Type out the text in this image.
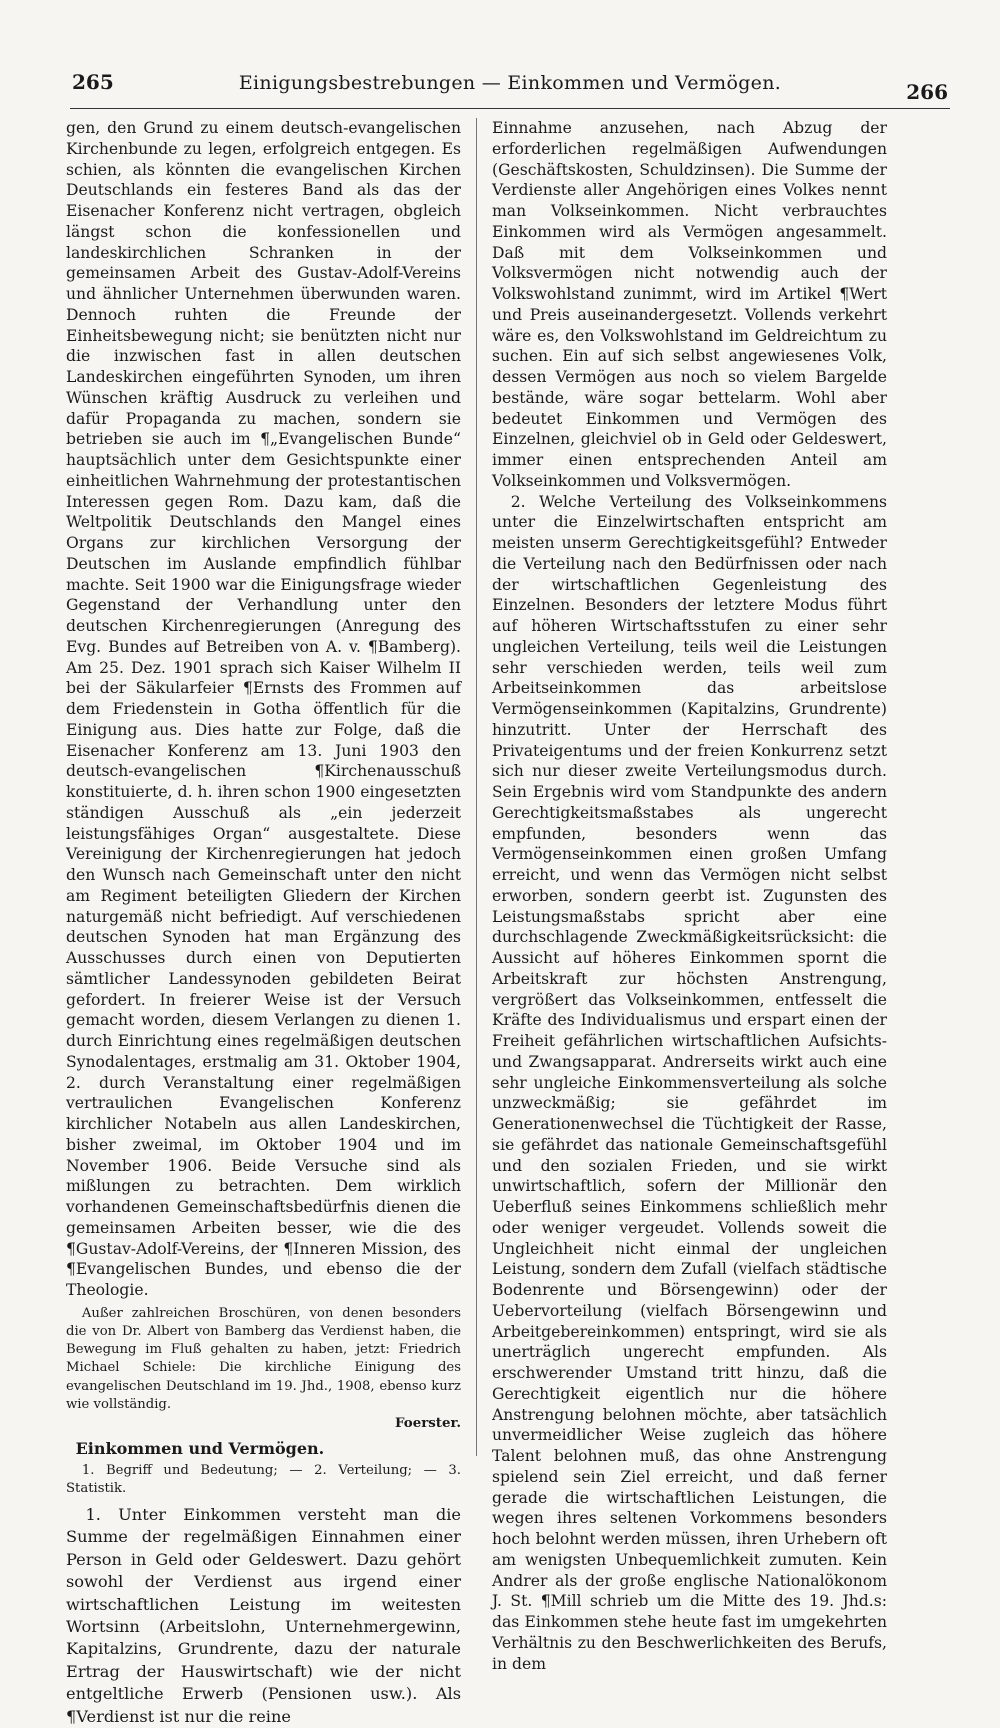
265	Einigungsbestrebungen — Einkommen und Vermögen.	266

gen, den Grund zu einem deutsch-evangelischen Kirchenbunde zu legen, erfolgreich entgegen. Es schien, als könnten die evangelischen Kirchen Deutschlands ein festeres Band als das der Eisenacher Konferenz nicht vertragen, obgleich längst schon die konfessionellen und landeskirchlichen Schranken in der gemeinsamen Arbeit des Gustav-Adolf-Vereins und ähnlicher Unternehmen überwunden waren. Dennoch ruhten die Freunde der Einheitsbewegung nicht; sie benützten nicht nur die inzwischen fast in allen deutschen Landeskirchen eingeführten Synoden, um ihren Wünschen kräftig Ausdruck zu verleihen und dafür Propaganda zu machen, sondern sie betrieben sie auch im ¶„Evangelischen Bunde“ hauptsächlich unter dem Gesichtspunkte einer einheitlichen Wahrnehmung der protestantischen Interessen gegen Rom. Dazu kam, daß die Weltpolitik Deutschlands den Mangel eines Organs zur kirchlichen Versorgung der Deutschen im Auslande empfindlich fühlbar machte. Seit 1900 war die Einigungsfrage wieder Gegenstand der Verhandlung unter den deutschen Kirchenregierungen (Anregung des Evg. Bundes auf Betreiben von A. v. ¶Bamberg). Am 25. Dez. 1901 sprach sich Kaiser Wilhelm II bei der Säkularfeier ¶Ernsts des Frommen auf dem Friedenstein in Gotha öffentlich für die Einigung aus. Dies hatte zur Folge, daß die Eisenacher Konferenz am 13. Juni 1903 den deutsch-evangelischen ¶Kirchenausschuß konstituierte, d. h. ihren schon 1900 eingesetzten ständigen Ausschuß als „ein jederzeit leistungsfähiges Organ“ ausgestaltete. Diese Vereinigung der Kirchenregierungen hat jedoch den Wunsch nach Gemeinschaft unter den nicht am Regiment beteiligten Gliedern der Kirchen naturgemäß nicht befriedigt. Auf verschiedenen deutschen Synoden hat man Ergänzung des Ausschusses durch einen von Deputierten sämtlicher Landessynoden gebildeten Beirat gefordert. In freierer Weise ist der Versuch gemacht worden, diesem Verlangen zu dienen 1. durch Einrichtung eines regelmäßigen deutschen Synodalentages, erstmalig am 31. Oktober 1904, 2. durch Veranstaltung einer regelmäßigen vertraulichen Evangelischen Konferenz kirchlicher Notabeln aus allen Landeskirchen, bisher zweimal, im Oktober 1904 und im November 1906. Beide Versuche sind als mißlungen zu betrachten. Dem wirklich vorhandenen Gemeinschaftsbedürfnis dienen die gemeinsamen Arbeiten besser, wie die des ¶Gustav-Adolf-Vereins, der ¶Inneren Mission, des ¶Evangelischen Bundes, und ebenso die der Theologie.

Außer zahlreichen Broschüren, von denen besonders die von Dr. Albert von Bamberg das Verdienst haben, die Bewegung im Fluß gehalten zu haben, jetzt: Friedrich Michael Schiele: Die kirchliche Einigung des evangelischen Deutschland im 19. Jhd., 1908, ebenso kurz wie vollständig.

Foerster.

Einkommen und Vermögen.

1. Begriff und Bedeutung; — 2. Verteilung; — 3. Statistik.

1. Unter Einkommen versteht man die Summe der regelmäßigen Einnahmen einer Person in Geld oder Geldeswert. Dazu gehört sowohl der Verdienst aus irgend einer wirtschaftlichen Leistung im weitesten Wortsinn (Arbeitslohn, Unternehmergewinn, Kapitalzins, Grundrente, dazu der naturale Ertrag der Hauswirtschaft) wie der nicht entgeltliche Erwerb (Pensionen usw.). Als ¶Verdienst ist nur die reine

Einnahme anzusehen, nach Abzug der erforderlichen regelmäßigen Aufwendungen (Geschäftskosten, Schuldzinsen). Die Summe der Verdienste aller Angehörigen eines Volkes nennt man Volkseinkommen. Nicht verbrauchtes Einkommen wird als Vermögen angesammelt. Daß mit dem Volkseinkommen und Volksvermögen nicht notwendig auch der Volkswohlstand zunimmt, wird im Artikel ¶Wert und Preis auseinandergesetzt. Vollends verkehrt wäre es, den Volkswohlstand im Geldreichtum zu suchen. Ein auf sich selbst angewiesenes Volk, dessen Vermögen aus noch so vielem Bargelde bestände, wäre sogar bettelarm. Wohl aber bedeutet Einkommen und Vermögen des Einzelnen, gleichviel ob in Geld oder Geldeswert, immer einen entsprechenden Anteil am Volkseinkommen und Volksvermögen.

2. Welche Verteilung des Volkseinkommens unter die Einzelwirtschaften entspricht am meisten unserm Gerechtigkeitsgefühl? Entweder die Verteilung nach den Bedürfnissen oder nach der wirtschaftlichen Gegenleistung des Einzelnen. Besonders der letztere Modus führt auf höheren Wirtschaftsstufen zu einer sehr ungleichen Verteilung, teils weil die Leistungen sehr verschieden werden, teils weil zum Arbeitseinkommen das arbeitslose Vermögenseinkommen (Kapitalzins, Grundrente) hinzutritt. Unter der Herrschaft des Privateigentums und der freien Konkurrenz setzt sich nur dieser zweite Verteilungsmodus durch. Sein Ergebnis wird vom Standpunkte des andern Gerechtigkeitsmaßstabes als ungerecht empfunden, besonders wenn das Vermögenseinkommen einen großen Umfang erreicht, und wenn das Vermögen nicht selbst erworben, sondern geerbt ist. Zugunsten des Leistungsmaßstabs spricht aber eine durchschlagende Zweckmäßigkeitsrücksicht: die Aussicht auf höheres Einkommen spornt die Arbeitskraft zur höchsten Anstrengung, vergrößert das Volkseinkommen, entfesselt die Kräfte des Individualismus und erspart einen der Freiheit gefährlichen wirtschaftlichen Aufsichts- und Zwangsapparat. Andrerseits wirkt auch eine sehr ungleiche Einkommensverteilung als solche unzweckmäßig; sie gefährdet im Generationenwechsel die Tüchtigkeit der Rasse, sie gefährdet das nationale Gemeinschaftsgefühl und den sozialen Frieden, und sie wirkt unwirtschaftlich, sofern der Millionär den Ueberfluß seines Einkommens schließlich mehr oder weniger vergeudet. Vollends soweit die Ungleichheit nicht einmal der ungleichen Leistung, sondern dem Zufall (vielfach städtische Bodenrente und Börsengewinn) oder der Uebervorteilung (vielfach Börsengewinn und Arbeitgebereinkommen) entspringt, wird sie als unerträglich ungerecht empfunden. Als erschwerender Umstand tritt hinzu, daß die Gerechtigkeit eigentlich nur die höhere Anstrengung belohnen möchte, aber tatsächlich unvermeidlicher Weise zugleich das höhere Talent belohnen muß, das ohne Anstrengung spielend sein Ziel erreicht, und daß ferner gerade die wirtschaftlichen Leistungen, die wegen ihres seltenen Vorkommens besonders hoch belohnt werden müssen, ihren Urhebern oft am wenigsten Unbequemlichkeit zumuten. Kein Andrer als der große englische Nationalökonom J. St. ¶Mill schrieb um die Mitte des 19. Jhd.s: das Einkommen stehe heute fast im umgekehrten Verhältnis zu den Beschwerlichkeiten des Berufs, in dem
